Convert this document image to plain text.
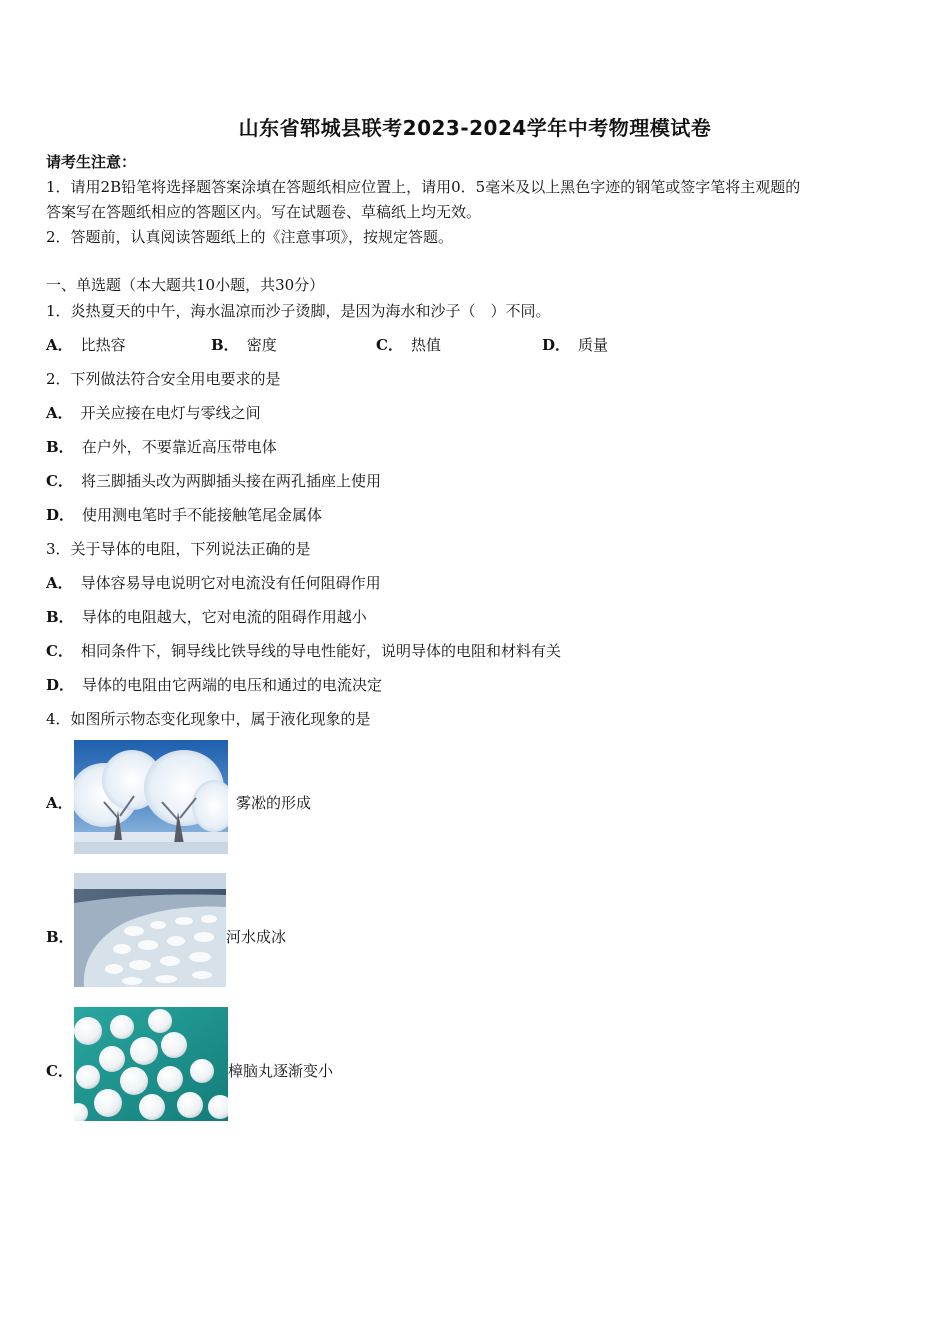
山东省郓城县联考2023-2024学年中考物理模试卷
请考生注意：
1．请用2B铅笔将选择题答案涂填在答题纸相应位置上，请用0．5毫米及以上黑色字迹的钢笔或签字笔将主观题的
答案写在答题纸相应的答题区内。写在试题卷、草稿纸上均无效。
2．答题前，认真阅读答题纸上的《注意事项》，按规定答题。
一、单选题（本大题共10小题，共30分）
1．炎热夏天的中午，海水温凉而沙子烫脚，是因为海水和沙子（　）不同。
A． 比热容	B． 密度	C． 热值	D． 质量
2．下列做法符合安全用电要求的是
A． 开关应接在电灯与零线之间
B． 在户外，不要靠近高压带电体
C． 将三脚插头改为两脚插头接在两孔插座上使用
D． 使用测电笔时手不能接触笔尾金属体
3．关于导体的电阻，下列说法正确的是
A． 导体容易导电说明它对电流没有任何阻碍作用
B． 导体的电阻越大，它对电流的阻碍作用越小
C． 相同条件下，铜导线比铁导线的导电性能好，说明导体的电阻和材料有关
D． 导体的电阻由它两端的电压和通过的电流决定
4．如图所示物态变化现象中，属于液化现象的是
A．	雾凇的形成
B．	河水成冰
C．	樟脑丸逐渐变小
